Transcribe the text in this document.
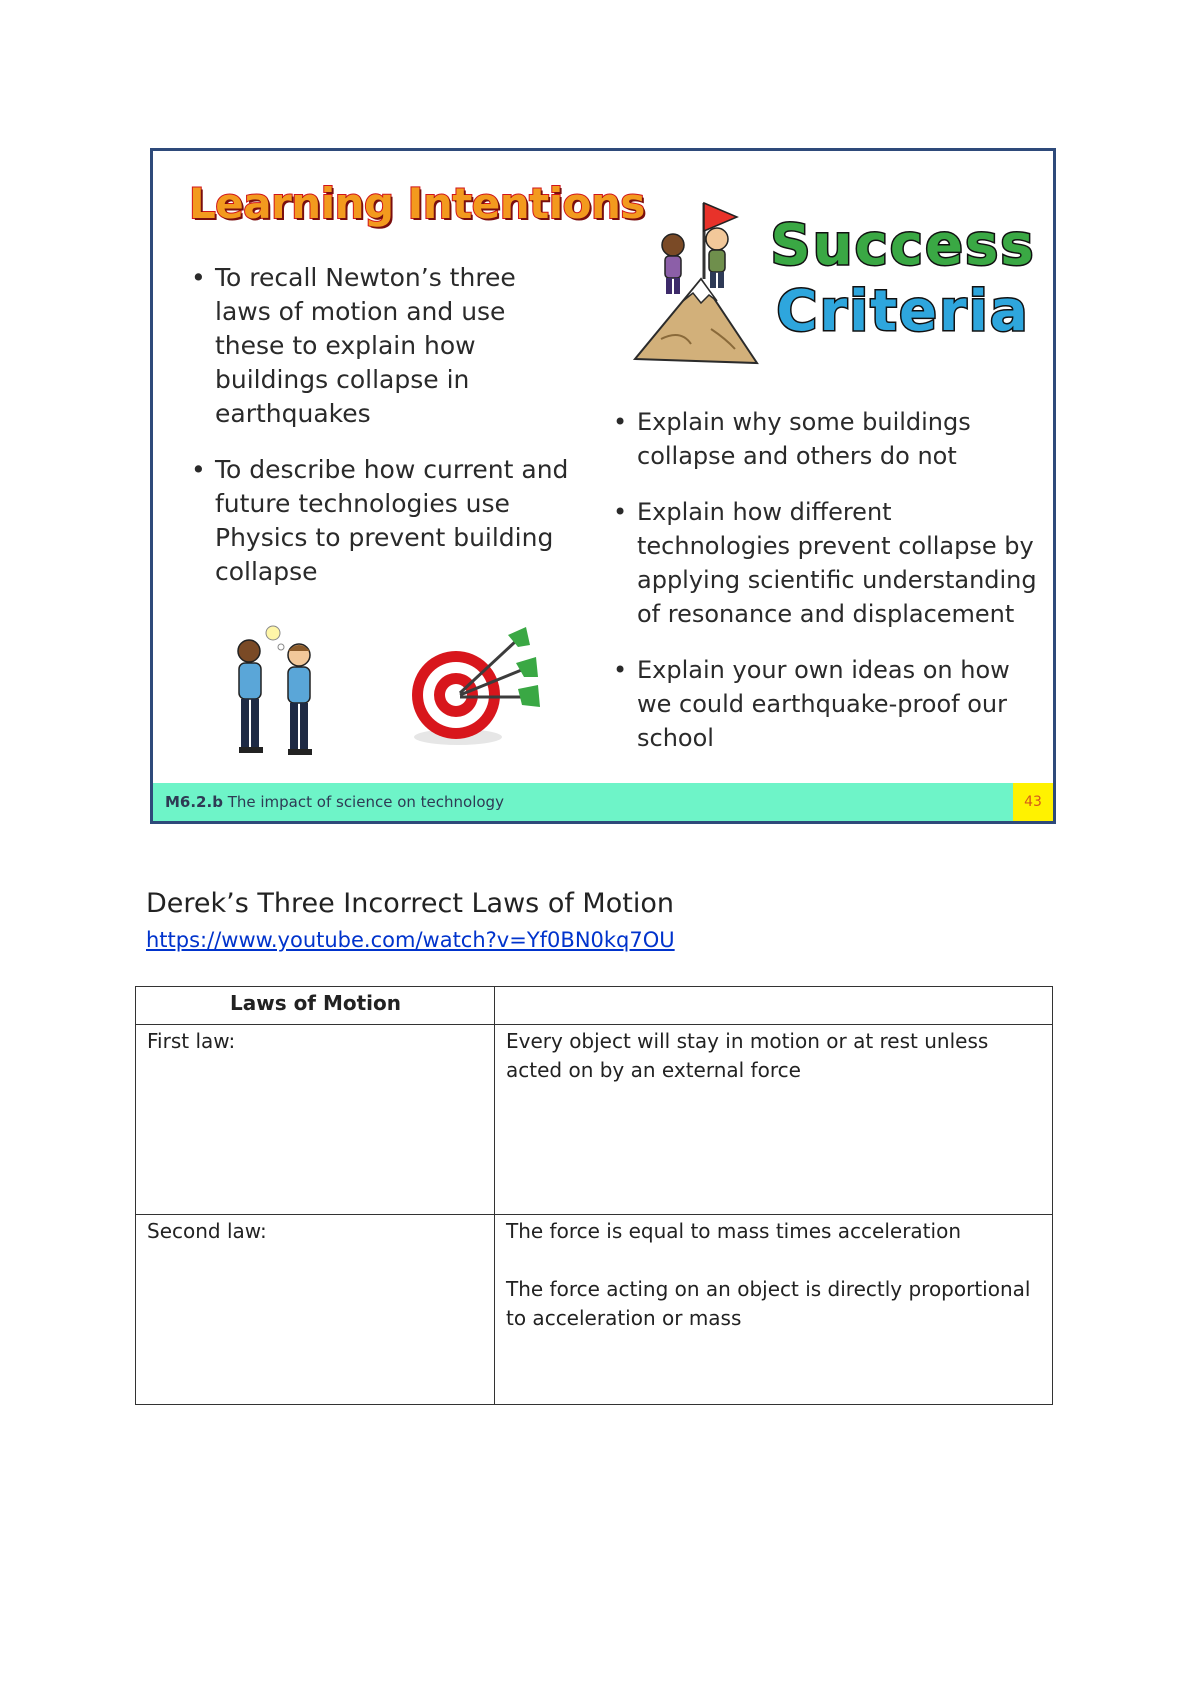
Learning Intentions
• To recall Newton’s three laws of motion and use these to explain how buildings collapse in earthquakes
• To describe how current and future technologies use Physics to prevent building collapse
Success
Criteria
• Explain why some buildings collapse and others do not
• Explain how different technologies prevent collapse by applying scientific understanding of resonance and displacement
• Explain your own ideas on how we could earthquake-proof our school
M6.2.b The impact of science on technology	43
Derek’s Three Incorrect Laws of Motion
https://www.youtube.com/watch?v=Yf0BN0kq7OU
Laws of Motion	
First law:	Every object will stay in motion or at rest unless acted on by an external force

Second law:	The force is equal to mass times acceleration

The force acting on an object is directly proportional to acceleration or mass
